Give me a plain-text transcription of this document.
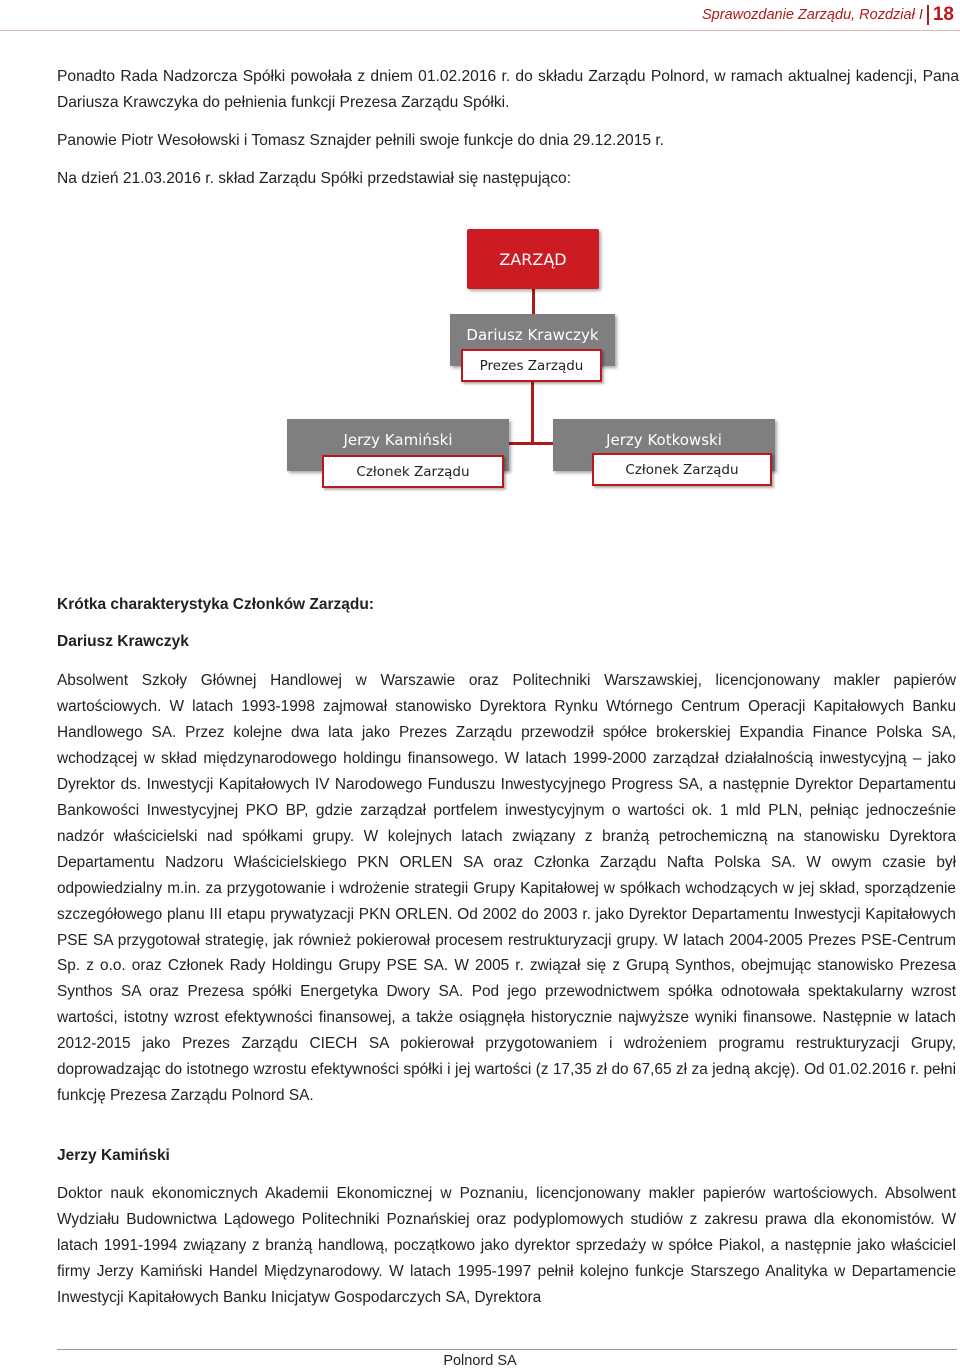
Sprawozdanie Zarządu, Rozdział I 18

Ponadto Rada Nadzorcza Spółki powołała z dniem 01.02.2016 r. do składu Zarządu Polnord, w ramach aktualnej kadencji, Pana Dariusza Krawczyka do pełnienia funkcji Prezesa Zarządu Spółki.

Panowie Piotr Wesołowski i Tomasz Sznajder pełnili swoje funkcje do dnia 29.12.2015 r.

Na dzień 21.03.2016 r. skład Zarządu Spółki przedstawiał się następująco:

ZARZĄD
Dariusz Krawczyk
Prezes Zarządu
Jerzy Kamiński
Członek Zarządu
Jerzy Kotkowski
Członek Zarządu

Krótka charakterystyka Członków Zarządu:

Dariusz Krawczyk

Absolwent Szkoły Głównej Handlowej w Warszawie oraz Politechniki Warszawskiej, licencjonowany makler papierów wartościowych. W latach 1993-1998 zajmował stanowisko Dyrektora Rynku Wtórnego Centrum Operacji Kapitałowych Banku Handlowego SA. Przez kolejne dwa lata jako Prezes Zarządu przewodził spółce brokerskiej Expandia Finance Polska SA, wchodzącej w skład międzynarodowego holdingu finansowego. W latach 1999-2000 zarządzał działalnością inwestycyjną – jako Dyrektor ds. Inwestycji Kapitałowych IV Narodowego Funduszu Inwestycyjnego Progress SA, a następnie Dyrektor Departamentu Bankowości Inwestycyjnej PKO BP, gdzie zarządzał portfelem inwestycyjnym o wartości ok. 1 mld PLN, pełniąc jednocześnie nadzór właścicielski nad spółkami grupy. W kolejnych latach związany z branżą petrochemiczną na stanowisku Dyrektora Departamentu Nadzoru Właścicielskiego PKN ORLEN SA oraz Członka Zarządu Nafta Polska SA. W owym czasie był odpowiedzialny m.in. za przygotowanie i wdrożenie strategii Grupy Kapitałowej w spółkach wchodzących w jej skład, sporządzenie szczegółowego planu III etapu prywatyzacji PKN ORLEN. Od 2002 do 2003 r. jako Dyrektor Departamentu Inwestycji Kapitałowych PSE SA przygotował strategię, jak również pokierował procesem restrukturyzacji grupy. W latach 2004-2005 Prezes PSE-Centrum Sp. z o.o. oraz Członek Rady Holdingu Grupy PSE SA. W 2005 r. związał się z Grupą Synthos, obejmując stanowisko Prezesa Synthos SA oraz Prezesa spółki Energetyka Dwory SA. Pod jego przewodnictwem spółka odnotowała spektakularny wzrost wartości, istotny wzrost efektywności finansowej, a także osiągnęła historycznie najwyższe wyniki finansowe. Następnie w latach 2012-2015 jako Prezes Zarządu CIECH SA pokierował przygotowaniem i wdrożeniem programu restrukturyzacji Grupy, doprowadzając do istotnego wzrostu efektywności spółki i jej wartości (z 17,35 zł do 67,65 zł za jedną akcję). Od 01.02.2016 r. pełni funkcję Prezesa Zarządu Polnord SA.

Jerzy Kamiński

Doktor nauk ekonomicznych Akademii Ekonomicznej w Poznaniu, licencjonowany makler papierów wartościowych. Absolwent Wydziału Budownictwa Lądowego Politechniki Poznańskiej oraz podyplomowych studiów z zakresu prawa dla ekonomistów. W latach 1991-1994 związany z branżą handlową, początkowo jako dyrektor sprzedaży w spółce Piakol, a następnie jako właściciel firmy Jerzy Kamiński Handel Międzynarodowy. W latach 1995-1997 pełnił kolejno funkcje Starszego Analityka w Departamencie Inwestycji Kapitałowych Banku Inicjatyw Gospodarczych SA, Dyrektora

Polnord SA
